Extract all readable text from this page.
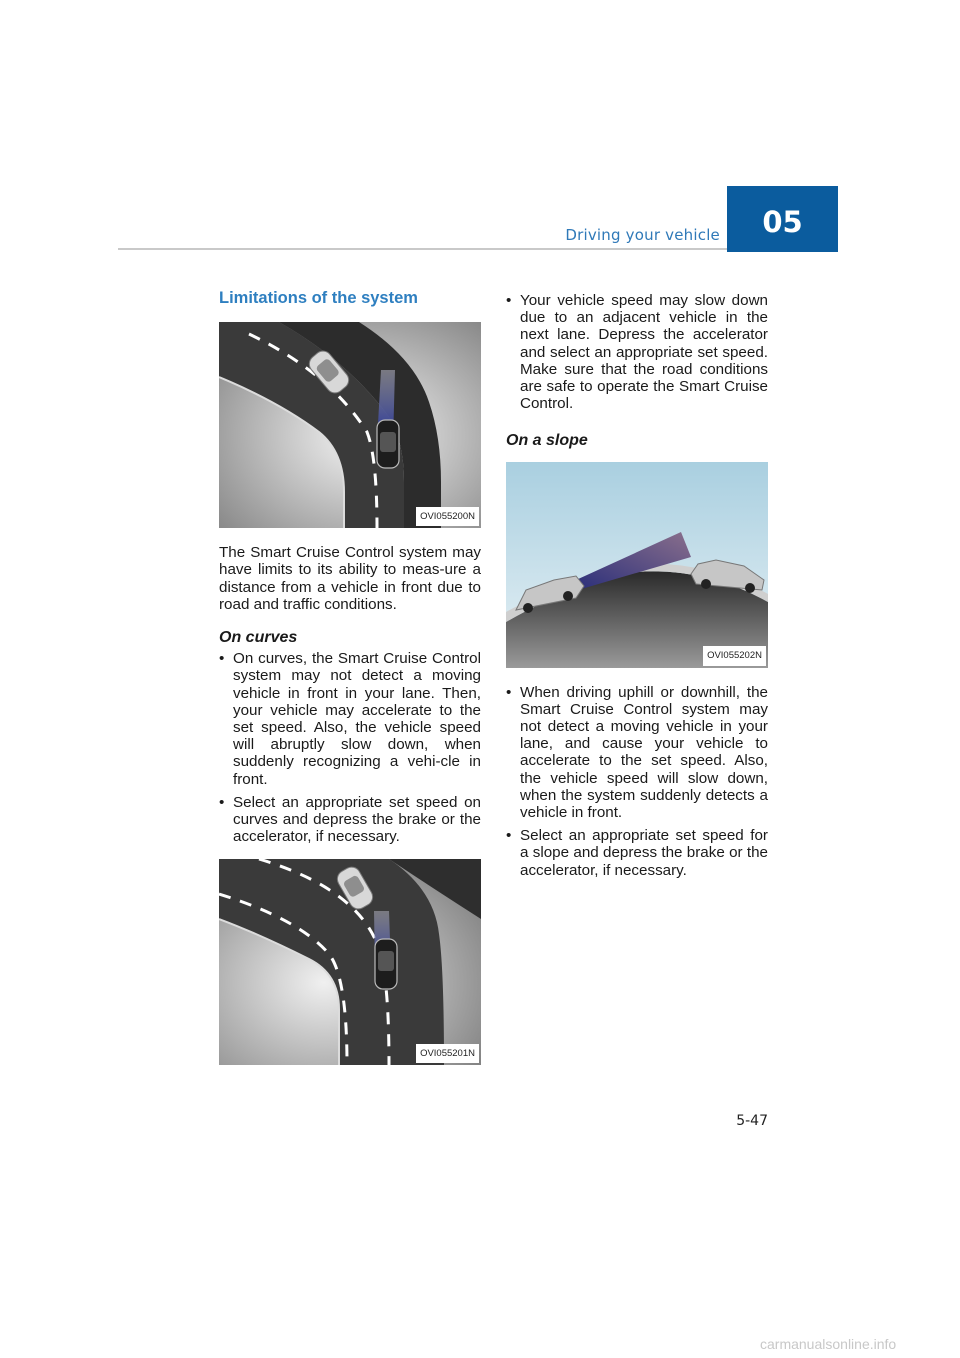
Driving your vehicle 05
Limitations of the system
OVI055200N

The Smart Cruise Control system may have limits to its ability to meas-ure a distance from a vehicle in front due to road and traffic conditions.

On curves
• On curves, the Smart Cruise Control system may not detect a moving vehicle in front in your lane. Then, your vehicle may accelerate to the set speed. Also, the vehicle speed will abruptly slow down, when suddenly recognizing a vehi-cle in front.
• Select an appropriate set speed on curves and depress the brake or the accelerator, if necessary.
OVI055201N
• Your vehicle speed may slow down due to an adjacent vehicle in the next lane. Depress the accelerator and select an appropriate set speed. Make sure that the road conditions are safe to operate the Smart Cruise Control.
On a slope
OVI055202N
• When driving uphill or downhill, the Smart Cruise Control system may not detect a moving vehicle in your lane, and cause your vehicle to accelerate to the set speed. Also, the vehicle speed will slow down, when the system suddenly detects a vehicle in front.
• Select an appropriate set speed for a slope and depress the brake or the accelerator, if necessary.
5-47
carmanualsonline.info
